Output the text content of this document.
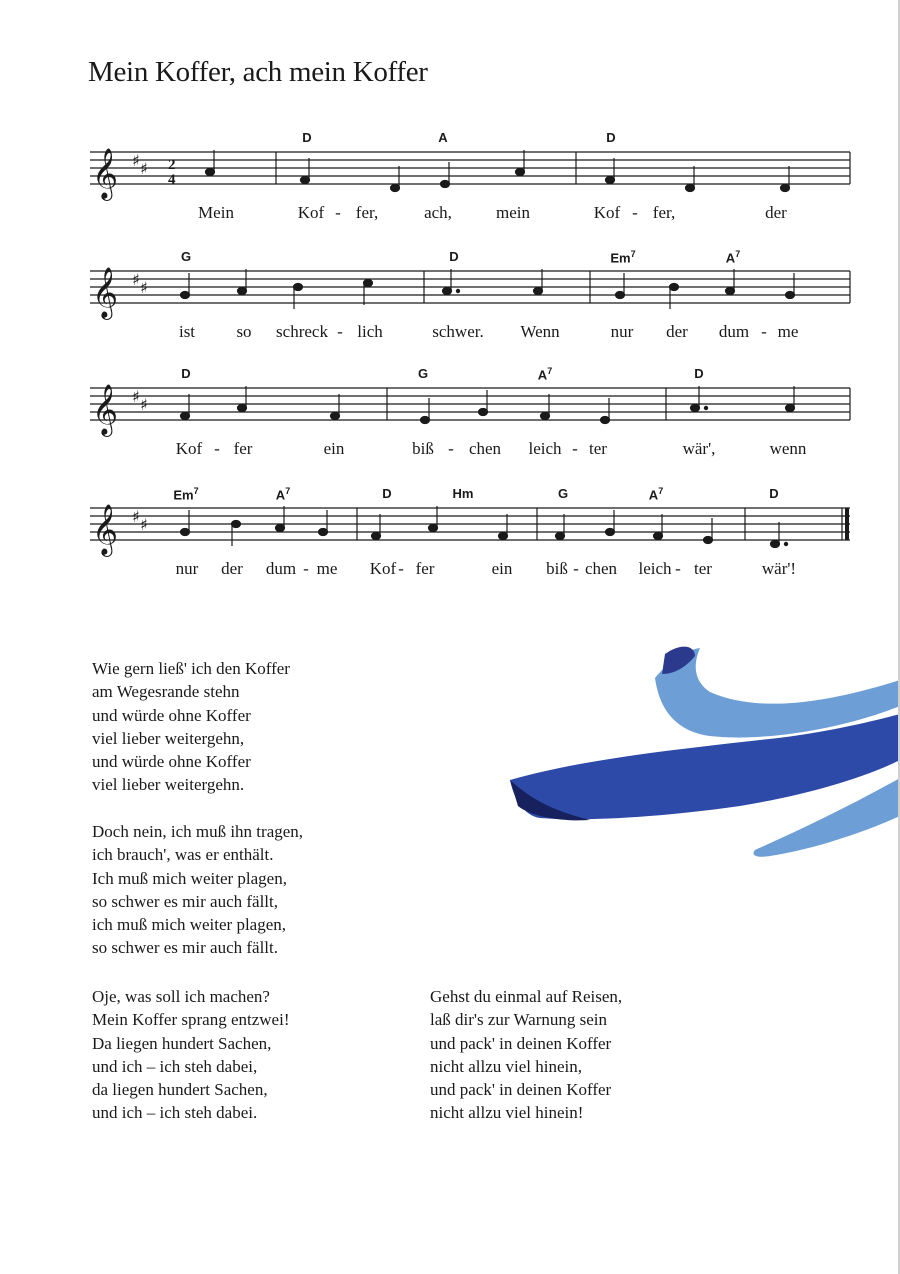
Mein Koffer, ach mein Koffer
𝄞 ♯ ♯ 2
4
D	A	D
Mein	Kof - fer,	ach,	mein	Kof - fer,	der
𝄞 ♯ ♯
G	D	Em$^7$	$A^7$
ist so schreck - lich	schwer. Wenn	nur der dum - me
𝄞 ♯ ♯
D	G	$A^7$	D
Kof - fer	ein	biß - chen leich - ter	wär',	wenn
𝄞 ♯ ♯
Em$^7$	$A^7$	D	Hm	G	$A^7$	D
nur der dum - me Kof - fer	ein biß - chen leich - ter	wär'!
Wie gern ließ' ich den Koffer
am Wegesrande stehn
und würde ohne Koffer
viel lieber weitergehn,
und würde ohne Koffer
viel lieber weitergehn.
Doch nein, ich muß ihn tragen,
ich brauch', was er enthält.
Ich muß mich weiter plagen,
so schwer es mir auch fällt,
ich muß mich weiter plagen,
so schwer es mir auch fällt.
Oje, was soll ich machen?
Mein Koffer sprang entzwei!
Da liegen hundert Sachen,
und ich – ich steh dabei,
da liegen hundert Sachen,
und ich – ich steh dabei.
Gehst du einmal auf Reisen,
laß dir's zur Warnung sein
und pack' in deinen Koffer
nicht allzu viel hinein,
und pack' in deinen Koffer
nicht allzu viel hinein!
